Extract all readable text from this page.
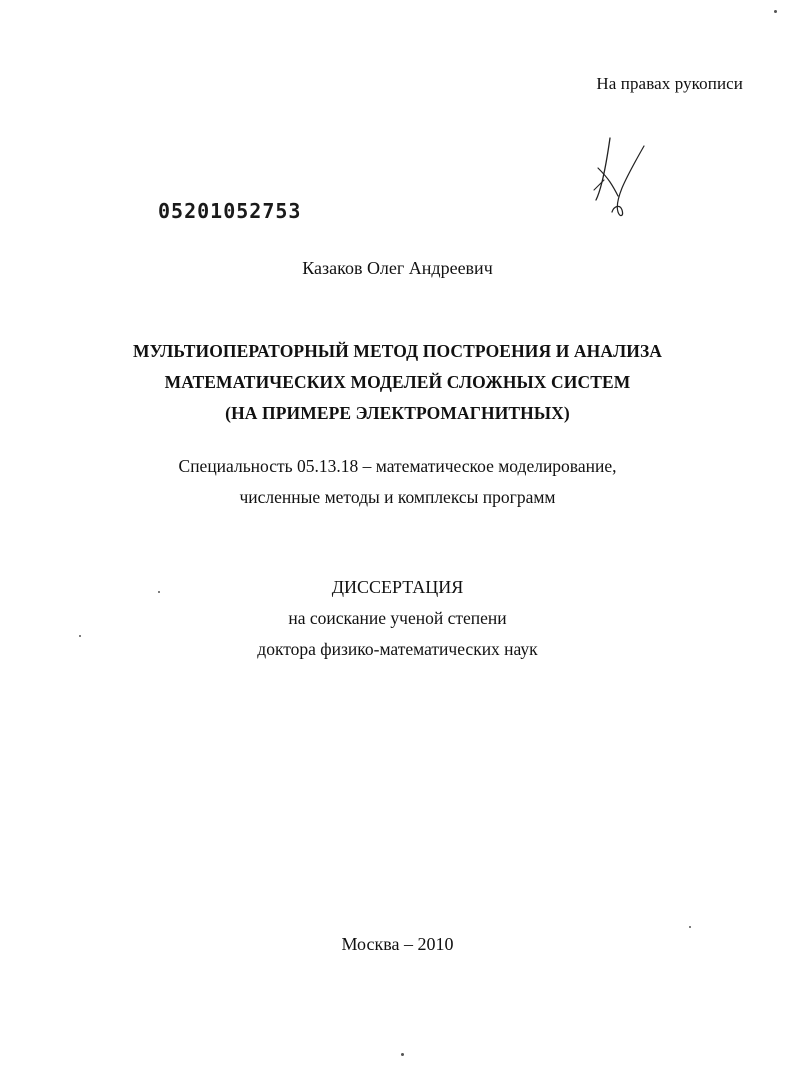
На правах рукописи
05201052753
Казаков Олег Андреевич
МУЛЬТИОПЕРАТОРНЫЙ МЕТОД ПОСТРОЕНИЯ И АНАЛИЗА
МАТЕМАТИЧЕСКИХ МОДЕЛЕЙ СЛОЖНЫХ СИСТЕМ
(НА ПРИМЕРЕ ЭЛЕКТРОМАГНИТНЫХ)
Специальность 05.13.18 – математическое моделирование,
численные методы и комплексы программ
ДИССЕРТАЦИЯ
на соискание ученой степени
доктора физико-математических наук
Москва – 2010
